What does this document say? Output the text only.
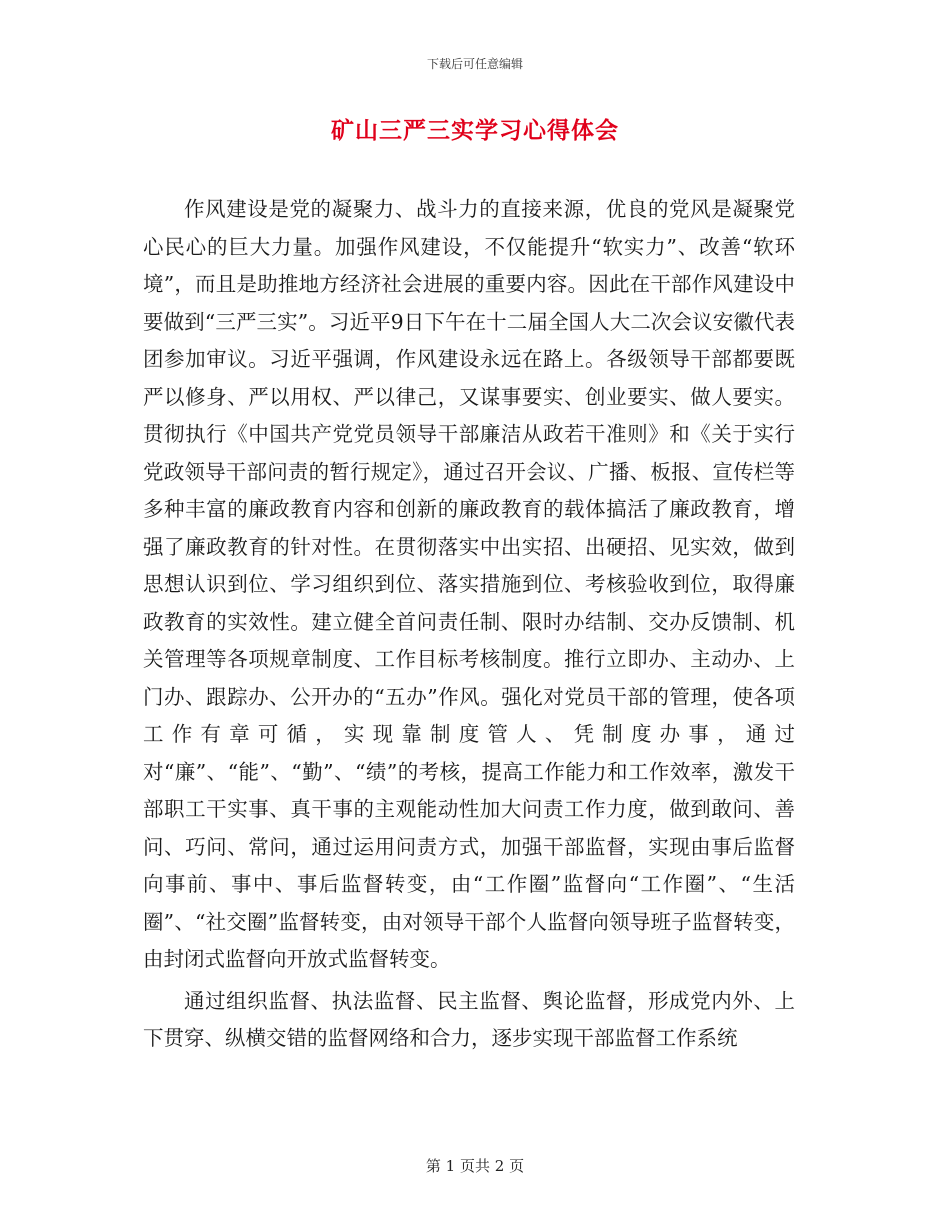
下载后可任意编辑
矿山三严三实学习心得体会

作风建设是党的凝聚力、战斗力的直接来源，优良的党风是凝聚党心民心的巨大力量。加强作风建设，不仅能提升“软实力”、改善“软环境”，而且是助推地方经济社会进展的重要内容。因此在干部作风建设中要做到“三严三实”。习近平9日下午在十二届全国人大二次会议安徽代表团参加审议。习近平强调，作风建设永远在路上。各级领导干部都要既严以修身、严以用权、严以律己，又谋事要实、创业要实、做人要实。贯彻执行《中国共产党党员领导干部廉洁从政若干准则》和《关于实行党政领导干部问责的暂行规定》，通过召开会议、广播、板报、宣传栏等多种丰富的廉政教育内容和创新的廉政教育的载体搞活了廉政教育，增强了廉政教育的针对性。在贯彻落实中出实招、出硬招、见实效，做到思想认识到位、学习组织到位、落实措施到位、考核验收到位，取得廉政教育的实效性。建立健全首问责任制、限时办结制、交办反馈制、机关管理等各项规章制度、工作目标考核制度。推行立即办、主动办、上门办、跟踪办、公开办的“五办”作风。强化对党员干部的管理，使各项工作有章可循，实现靠制度管人、凭制度办事，通过对“廉”、“能”、“勤”、“绩”的考核，提高工作能力和工作效率，激发干部职工干实事、真干事的主观能动性加大问责工作力度，做到敢问、善问、巧问、常问，通过运用问责方式，加强干部监督，实现由事后监督向事前、事中、事后监督转变，由“工作圈”监督向“工作圈”、“生活圈”、“社交圈”监督转变，由对领导干部个人监督向领导班子监督转变，由封闭式监督向开放式监督转变。

通过组织监督、执法监督、民主监督、舆论监督，形成党内外、上下贯穿、纵横交错的监督网络和合力，逐步实现干部监督工作系统

第 1 页共 2 页
